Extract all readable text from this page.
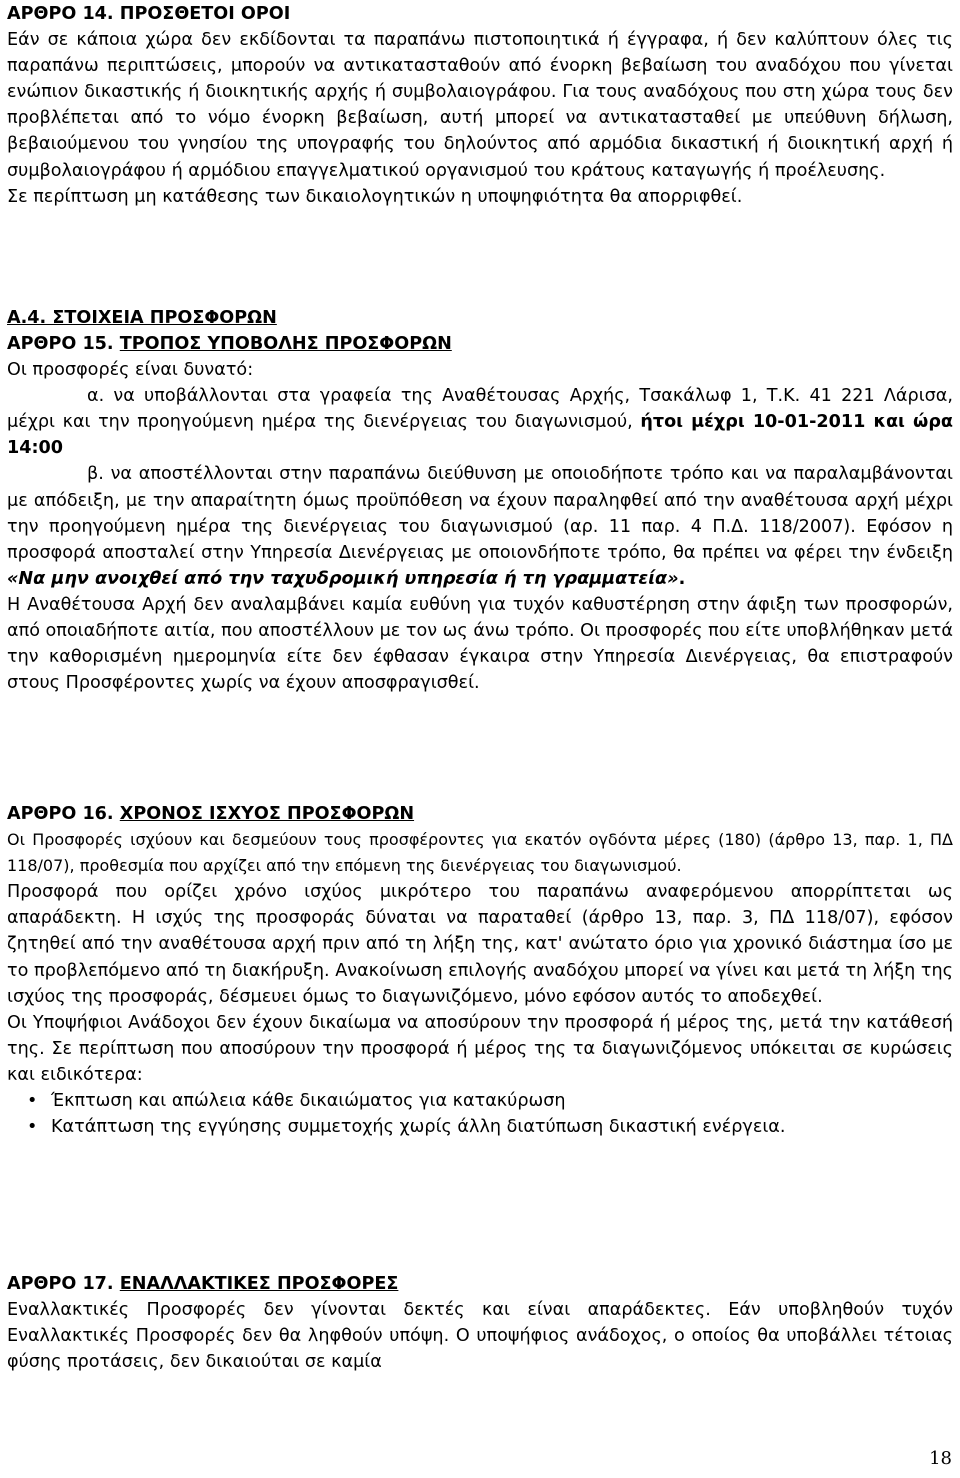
ΑΡΘΡΟ 14. ΠΡΟΣΘΕΤΟΙ ΟΡΟΙ

Εάν σε κάποια χώρα δεν εκδίδονται τα παραπάνω πιστοποιητικά ή έγγραφα, ή δεν καλύπτουν όλες τις παραπάνω περιπτώσεις, μπορούν να αντικατασταθούν από ένορκη βεβαίωση του αναδόχου που γίνεται ενώπιον δικαστικής ή διοικητικής αρχής ή συμβολαιογράφου. Για τους αναδόχους που στη χώρα τους δεν προβλέπεται από το νόμο ένορκη βεβαίωση, αυτή μπορεί να αντικατασταθεί με υπεύθυνη δήλωση, βεβαιούμενου του γνησίου της υπογραφής του δηλούντος από αρμόδια δικαστική ή διοικητική αρχή ή συμβολαιογράφου ή αρμόδιου επαγγελματικού οργανισμού του κράτους καταγωγής ή προέλευσης.

Σε περίπτωση μη κατάθεσης των δικαιολογητικών η υποψηφιότητα θα απορριφθεί.

Α.4. ΣΤΟΙΧΕΙΑ ΠΡΟΣΦΟΡΩΝ

ΑΡΘΡΟ 15. ΤΡΟΠΟΣ ΥΠΟΒΟΛΗΣ ΠΡΟΣΦΟΡΩΝ

Οι προσφορές είναι δυνατό:

α. να υποβάλλονται στα γραφεία της Αναθέτουσας Αρχής, Τσακάλωφ 1, Τ.Κ. 41 221 Λάρισα, μέχρι και την προηγούμενη ημέρα της διενέργειας του διαγωνισμού, ήτοι μέχρι 10-01-2011 και ώρα 14:00

β. να αποστέλλονται στην παραπάνω διεύθυνση με οποιοδήποτε τρόπο και να παραλαμβάνονται με απόδειξη, με την απαραίτητη όμως προϋπόθεση να έχουν παραληφθεί από την αναθέτουσα αρχή μέχρι την προηγούμενη ημέρα της διενέργειας του διαγωνισμού (αρ. 11 παρ. 4 Π.Δ. 118/2007). Εφόσον η προσφορά αποσταλεί στην Υπηρεσία Διενέργειας με οποιονδήποτε τρόπο, θα πρέπει να φέρει την ένδειξη «Να μην ανοιχθεί από την ταχυδρομική υπηρεσία ή τη γραμματεία».

Η Αναθέτουσα Αρχή δεν αναλαμβάνει καμία ευθύνη για τυχόν καθυστέρηση στην άφιξη των προσφορών, από οποιαδήποτε αιτία, που αποστέλλουν με τον ως άνω τρόπο. Οι προσφορές που είτε υποβλήθηκαν μετά την καθορισμένη ημερομηνία είτε δεν έφθασαν έγκαιρα στην Υπηρεσία Διενέργειας, θα επιστραφούν στους Προσφέροντες χωρίς να έχουν αποσφραγισθεί.

ΑΡΘΡΟ 16. ΧΡΟΝΟΣ ΙΣΧΥΟΣ ΠΡΟΣΦΟΡΩΝ

Οι Προσφορές ισχύουν και δεσμεύουν τους προσφέροντες για εκατόν ογδόντα μέρες (180) (άρθρο 13, παρ. 1, ΠΔ 118/07), προθεσμία που αρχίζει από την επόμενη της διενέργειας του διαγωνισμού.

Προσφορά που ορίζει χρόνο ισχύος μικρότερο του παραπάνω αναφερόμενου απορρίπτεται ως απαράδεκτη. Η ισχύς της προσφοράς δύναται να παραταθεί (άρθρο 13, παρ. 3, ΠΔ 118/07), εφόσον ζητηθεί από την αναθέτουσα αρχή πριν από τη λήξη της, κατ' ανώτατο όριο για χρονικό διάστημα ίσο με το προβλεπόμενο από τη διακήρυξη. Ανακοίνωση επιλογής αναδόχου μπορεί να γίνει και μετά τη λήξη της ισχύος της προσφοράς, δέσμευει όμως το διαγωνιζόμενο, μόνο εφόσον αυτός το αποδεχθεί.

Οι Υποψήφιοι Ανάδοχοι δεν έχουν δικαίωμα να αποσύρουν την προσφορά ή μέρος της, μετά την κατάθεσή της. Σε περίπτωση που αποσύρουν την προσφορά ή μέρος της τα διαγωνιζόμενος υπόκειται σε κυρώσεις και ειδικότερα:

• Έκπτωση και απώλεια κάθε δικαιώματος για κατακύρωση
• Κατάπτωση της εγγύησης συμμετοχής χωρίς άλλη διατύπωση δικαστική ενέργεια.

ΑΡΘΡΟ 17. ΕΝΑΛΛΑΚΤΙΚΕΣ ΠΡΟΣΦΟΡΕΣ

Εναλλακτικές Προσφορές δεν γίνονται δεκτές και είναι απαράδεκτες. Εάν υποβληθούν τυχόν Εναλλακτικές Προσφορές δεν θα ληφθούν υπόψη. Ο υποψήφιος ανάδοχος, ο οποίος θα υποβάλλει τέτοιας φύσης προτάσεις, δεν δικαιούται σε καμία

18
